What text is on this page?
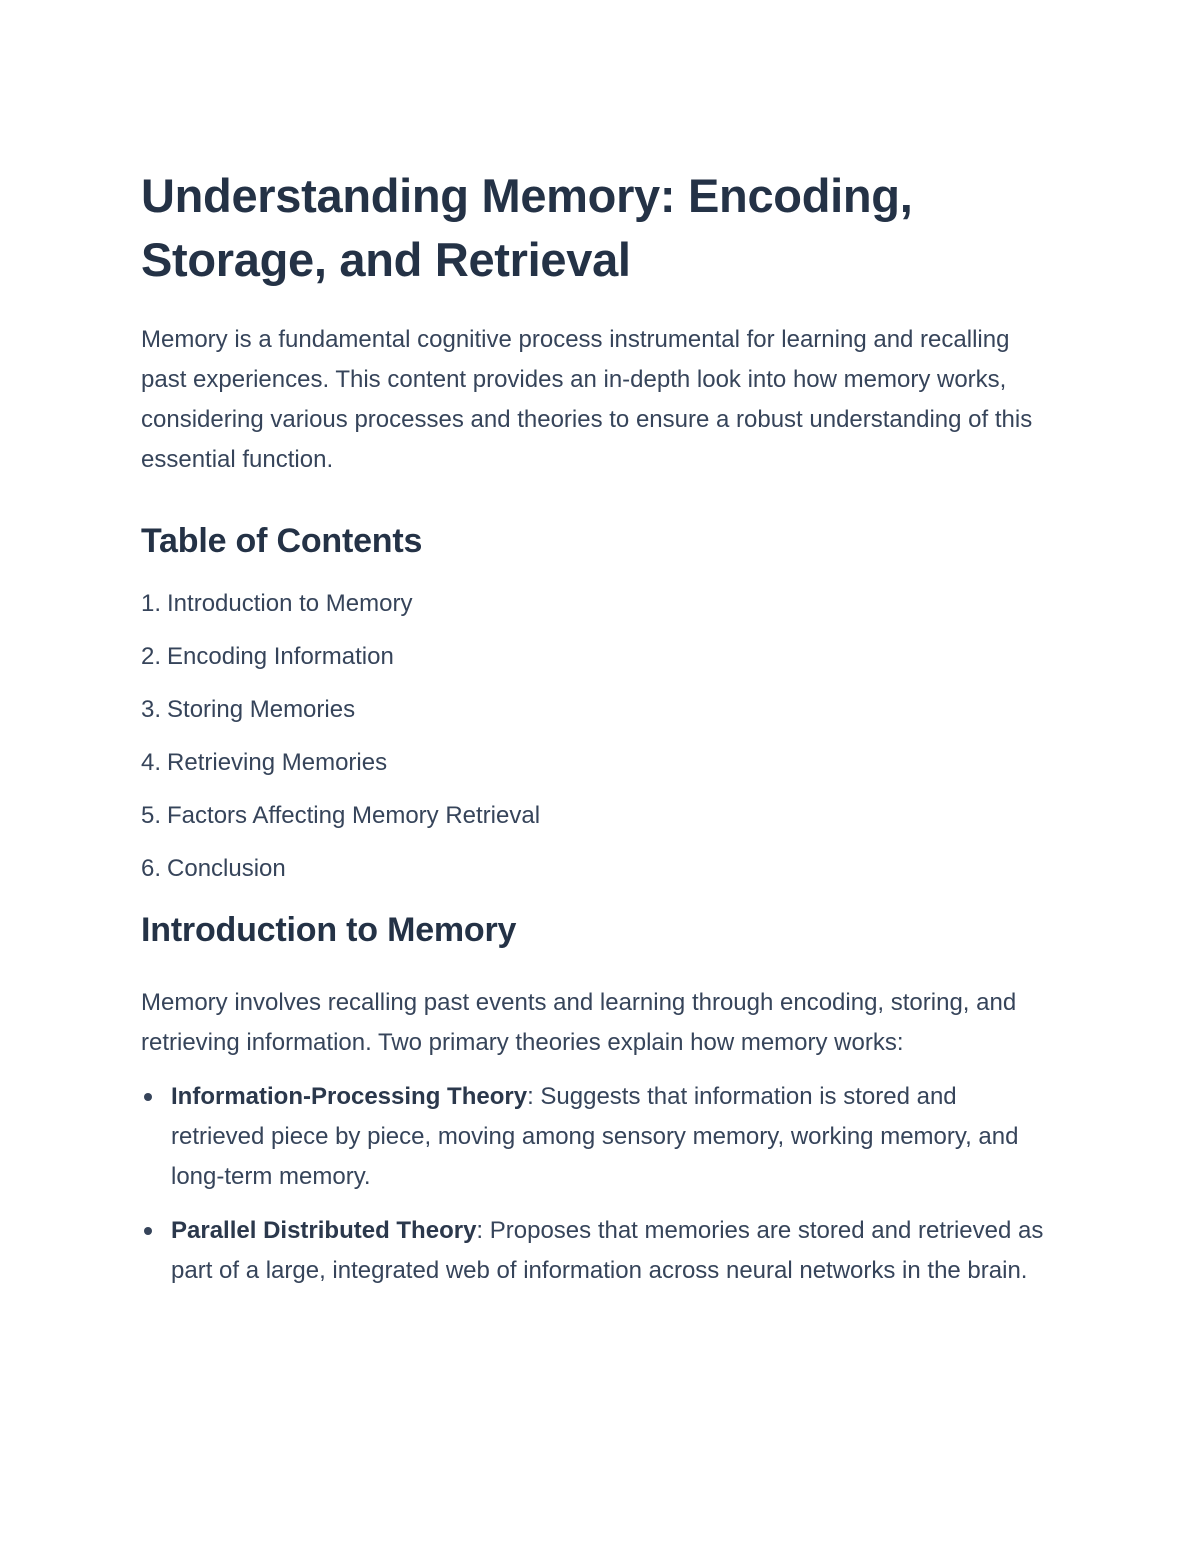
Understanding Memory: Encoding, Storage, and Retrieval

Memory is a fundamental cognitive process instrumental for learning and recalling past experiences. This content provides an in-depth look into how memory works, considering various processes and theories to ensure a robust understanding of this essential function.

Table of Contents
1. Introduction to Memory
2. Encoding Information
3. Storing Memories
4. Retrieving Memories
5. Factors Affecting Memory Retrieval
6. Conclusion
Introduction to Memory

Memory involves recalling past events and learning through encoding, storing, and retrieving information. Two primary theories explain how memory works:

Information-Processing Theory: Suggests that information is stored and retrieved piece by piece, moving among sensory memory, working memory, and long-term memory.
Parallel Distributed Theory: Proposes that memories are stored and retrieved as part of a large, integrated web of information across neural networks in the brain.
